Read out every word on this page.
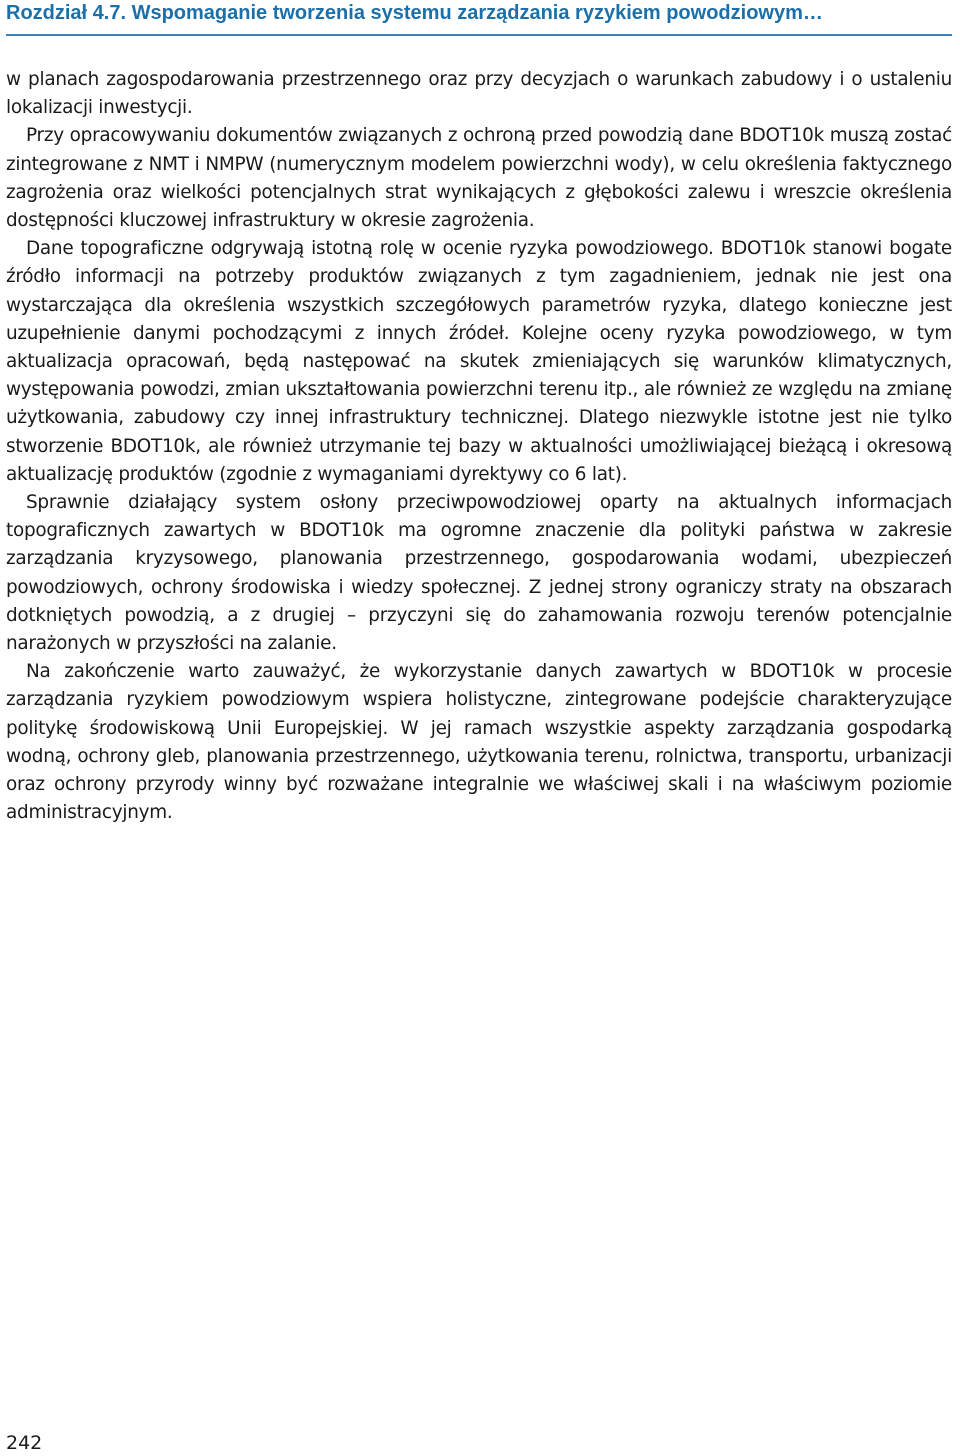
Rozdział 4.7. Wspomaganie tworzenia systemu zarządzania ryzykiem powodziowym…

w planach zagospodarowania przestrzennego oraz przy decyzjach o warunkach zabudowy i o ustaleniu lokalizacji inwestycji.

Przy opracowywaniu dokumentów związanych z ochroną przed powodzią dane BDOT10k muszą zostać zintegrowane z NMT i NMPW (numerycznym modelem powierzchni wody), w celu określenia faktycznego zagrożenia oraz wielkości potencjalnych strat wynikających z głębokości zalewu i wreszcie określenia dostępności kluczowej infrastruktury w okresie zagrożenia.

Dane topograficzne odgrywają istotną rolę w ocenie ryzyka powodziowego. BDOT10k stanowi bogate źródło informacji na potrzeby produktów związanych z tym zagadnieniem, jednak nie jest ona wystarczająca dla określenia wszystkich szczegółowych parametrów ryzyka, dlatego konieczne jest uzupełnienie danymi pochodzącymi z innych źródeł. Kolejne oceny ryzyka powodziowego, w tym aktualizacja opracowań, będą następować na skutek zmieniających się warunków klimatycznych, występowania powodzi, zmian ukształtowania powierzchni terenu itp., ale również ze względu na zmianę użytkowania, zabudowy czy innej infrastruktury technicznej. Dlatego niezwykle istotne jest nie tylko stworzenie BDOT10k, ale również utrzymanie tej bazy w aktualności umożliwiającej bieżącą i okresową aktualizację produktów (zgodnie z wymaganiami dyrektywy co 6 lat).

Sprawnie działający system osłony przeciwpowodziowej oparty na aktualnych informacjach topograficznych zawartych w BDOT10k ma ogromne znaczenie dla polityki państwa w zakresie zarządzania kryzysowego, planowania przestrzennego, gospodarowania wodami, ubezpieczeń powodziowych, ochrony środowiska i wiedzy społecznej. Z jednej strony ograniczy straty na obszarach dotkniętych powodzią, a z drugiej – przyczyni się do zahamowania rozwoju terenów potencjalnie narażonych w przyszłości na zalanie.

Na zakończenie warto zauważyć, że wykorzystanie danych zawartych w BDOT10k w procesie zarządzania ryzykiem powodziowym wspiera holistyczne, zintegrowane podejście charakteryzujące politykę środowiskową Unii Europejskiej. W jej ramach wszystkie aspekty zarządzania gospodarką wodną, ochrony gleb, planowania przestrzennego, użytkowania terenu, rolnictwa, transportu, urbanizacji oraz ochrony przyrody winny być rozważane integralnie we właściwej skali i na właściwym poziomie administracyjnym.

242
